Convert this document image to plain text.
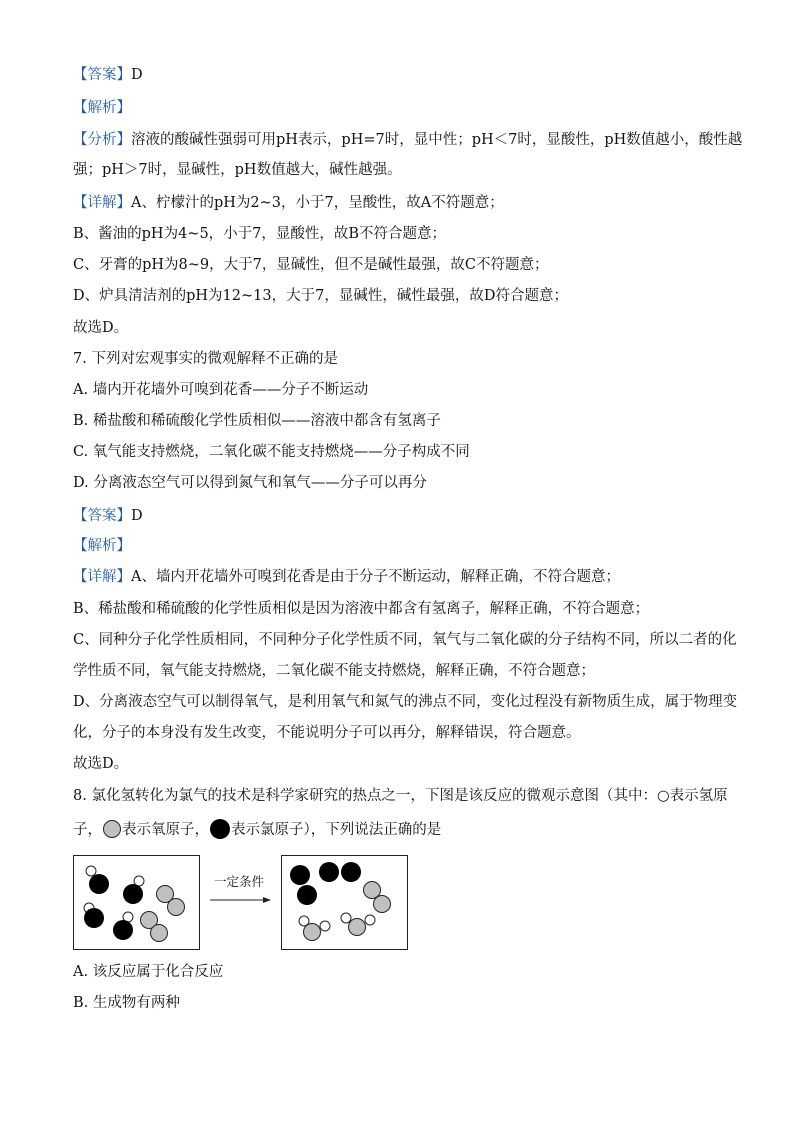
【答案】D
【解析】
【分析】溶液的酸碱性强弱可用pH表示，pH=7时，显中性；pH＜7时，显酸性，pH数值越小，酸性越
强；pH＞7时，显碱性，pH数值越大，碱性越强。
【详解】A、柠檬汁的pH为2~3，小于7，呈酸性，故A不符题意；
B、酱油的pH为4~5，小于7，显酸性，故B不符合题意；
C、牙膏的pH为8~9，大于7，显碱性，但不是碱性最强，故C不符题意；
D、炉具清洁剂的pH为12~13，大于7，显碱性，碱性最强，故D符合题意；
故选D。
7. 下列对宏观事实的微观解释不正确的是
A. 墙内开花墙外可嗅到花香——分子不断运动
B. 稀盐酸和稀硫酸化学性质相似——溶液中都含有氢离子
C. 氧气能支持燃烧，二氧化碳不能支持燃烧——分子构成不同
D. 分离液态空气可以得到氮气和氧气——分子可以再分
【答案】D
【解析】
【详解】A、墙内开花墙外可嗅到花香是由于分子不断运动，解释正确，不符合题意；
B、稀盐酸和稀硫酸的化学性质相似是因为溶液中都含有氢离子，解释正确，不符合题意；
C、同种分子化学性质相同，不同种分子化学性质不同，氧气与二氧化碳的分子结构不同，所以二者的化
学性质不同，氧气能支持燃烧，二氧化碳不能支持燃烧，解释正确，不符合题意；
D、分离液态空气可以制得氧气，是利用氧气和氮气的沸点不同，变化过程没有新物质生成，属于物理变
化，分子的本身没有发生改变，不能说明分子可以再分，解释错误，符合题意。
故选D。
8. 氯化氢转化为氯气的技术是科学家研究的热点之一，下图是该反应的微观示意图（其中：○表示氢原
子， 表示氧原子， 表示氯原子），下列说法正确的是
一定条件
A. 该反应属于化合反应
B. 生成物有两种
